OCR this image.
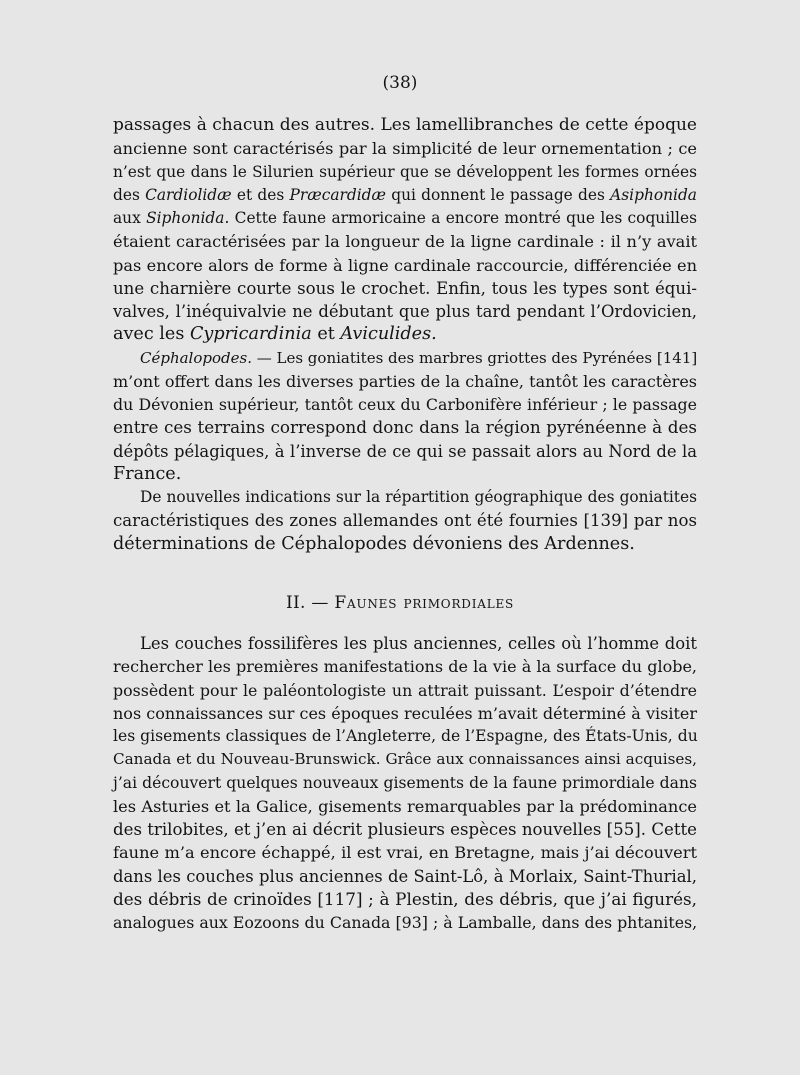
(38)
passages à chacun des autres. Les lamellibranches de cette époque
ancienne sont caractérisés par la simplicité de leur ornementation ; ce
n’est que dans le Silurien supérieur que se développent les formes ornées
des Cardiolidæ et des Præcardidæ qui donnent le passage des Asiphonida
aux Siphonida. Cette faune armoricaine a encore montré que les coquilles
étaient caractérisées par la longueur de la ligne cardinale : il n’y avait
pas encore alors de forme à ligne cardinale raccourcie, différenciée en
une charnière courte sous le crochet. Enfin, tous les types sont équi-
valves, l’inéquivalvie ne débutant que plus tard pendant l’Ordovicien,
avec les Cypricardinia et Aviculides.
Céphalopodes. — Les goniatites des marbres griottes des Pyrénées [141]
m’ont offert dans les diverses parties de la chaîne, tantôt les caractères
du Dévonien supérieur, tantôt ceux du Carbonifère inférieur ; le passage
entre ces terrains correspond donc dans la région pyrénéenne à des
dépôts pélagiques, à l’inverse de ce qui se passait alors au Nord de la
France.
De nouvelles indications sur la répartition géographique des goniatites
caractéristiques des zones allemandes ont été fournies [139] par nos
déterminations de Céphalopodes dévoniens des Ardennes.
II. — Faunes primordiales
Les couches fossilifères les plus anciennes, celles où l’homme doit
rechercher les premières manifestations de la vie à la surface du globe,
possèdent pour le paléontologiste un attrait puissant. L’espoir d’étendre
nos connaissances sur ces époques reculées m’avait déterminé à visiter
les gisements classiques de l’Angleterre, de l’Espagne, des États-Unis, du
Canada et du Nouveau-Brunswick. Grâce aux connaissances ainsi acquises,
j’ai découvert quelques nouveaux gisements de la faune primordiale dans
les Asturies et la Galice, gisements remarquables par la prédominance
des trilobites, et j’en ai décrit plusieurs espèces nouvelles [55]. Cette
faune m’a encore échappé, il est vrai, en Bretagne, mais j’ai découvert
dans les couches plus anciennes de Saint-Lô, à Morlaix, Saint-Thurial,
des débris de crinoïdes [117] ; à Plestin, des débris, que j’ai figurés,
analogues aux Eozoons du Canada [93] ; à Lamballe, dans des phtanites,
